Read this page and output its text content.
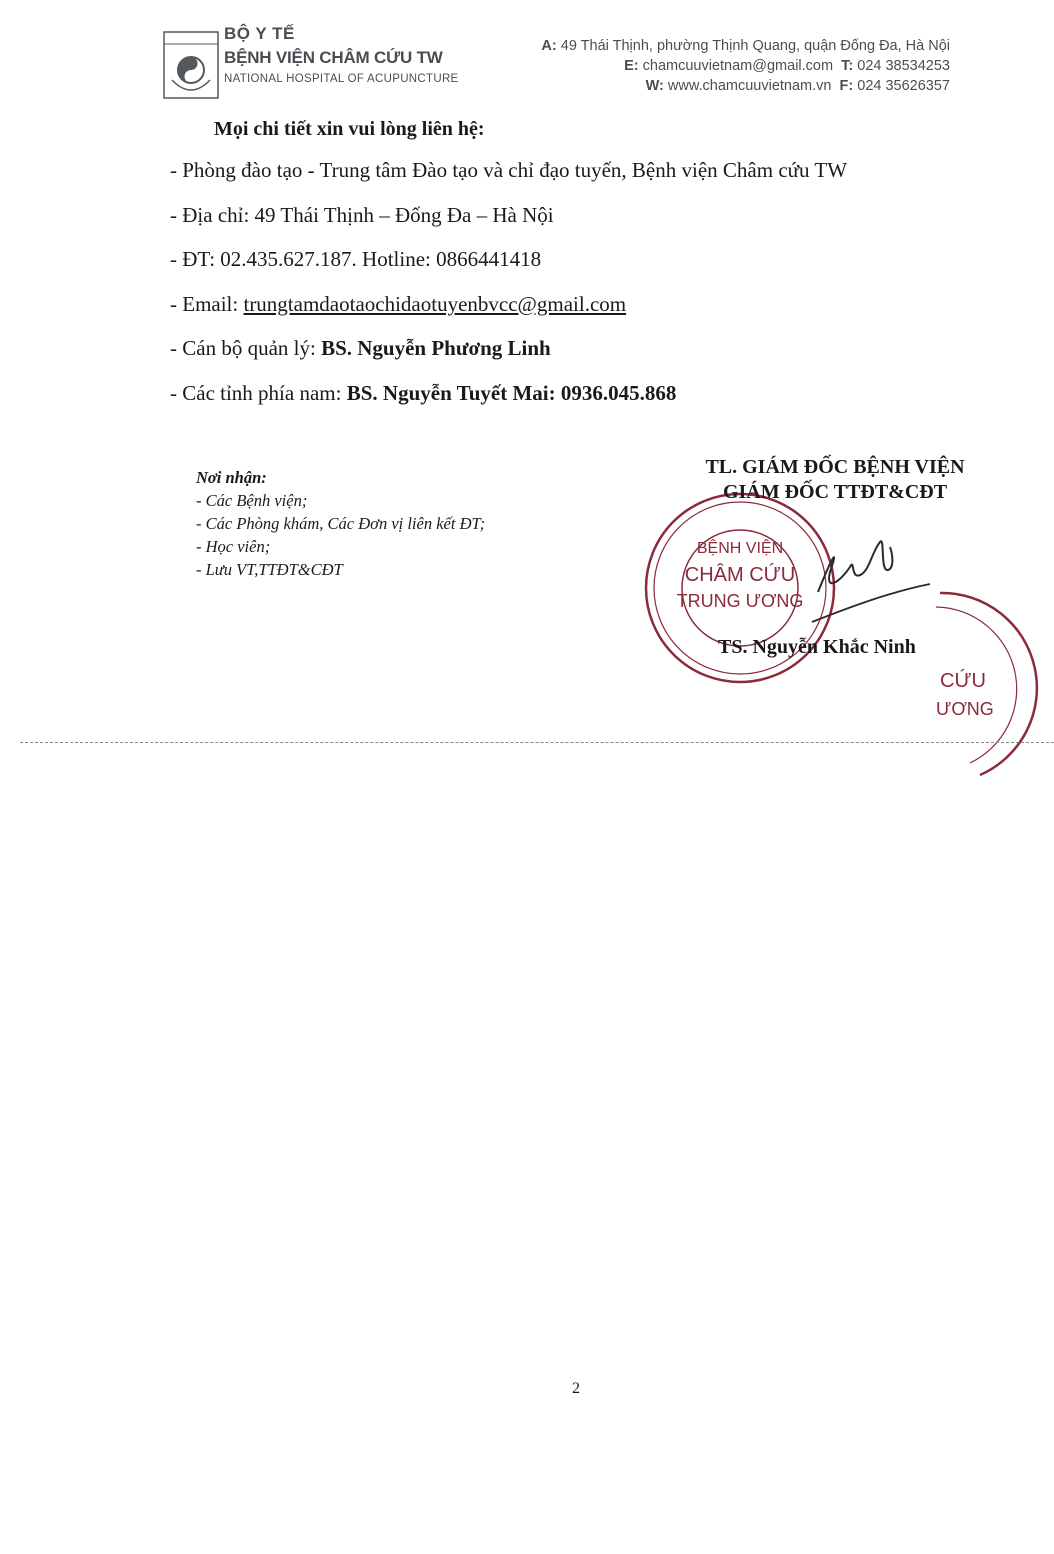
BỘ Y TẾ
BỆNH VIỆN CHÂM CỨU TW
NATIONAL HOSPITAL OF ACUPUNCTURE
A: 49 Thái Thịnh, phường Thịnh Quang, quận Đống Đa, Hà Nội
E: chamcuuvietnam@gmail.com T: 024 38534253
W: www.chamcuuvietnam.vn F: 024 35626357
Mọi chi tiết xin vui lòng liên hệ:
- Phòng đào tạo - Trung tâm Đào tạo và chỉ đạo tuyến, Bệnh viện Châm cứu TW
- Địa chỉ: 49 Thái Thịnh – Đống Đa – Hà Nội
- ĐT: 02.435.627.187. Hotline: 0866441418
- Email: trungtamdaotaochidaotuyenbvcc@gmail.com
- Cán bộ quản lý: BS. Nguyễn Phương Linh
- Các tỉnh phía nam: BS. Nguyễn Tuyết Mai: 0936.045.868
Nơi nhận:
- Các Bệnh viện;
- Các Phòng khám, Các Đơn vị liên kết ĐT;
- Học viên;
- Lưu VT,TTĐT&CĐT
BỆNH VIỆN
CHÂM CỨU
TRUNG ƯƠNG
CỨU
ƯƠNG
TL. GIÁM ĐỐC BỆNH VIỆN
GIÁM ĐỐC TTĐT&CĐT
TS. Nguyễn Khắc Ninh
2
